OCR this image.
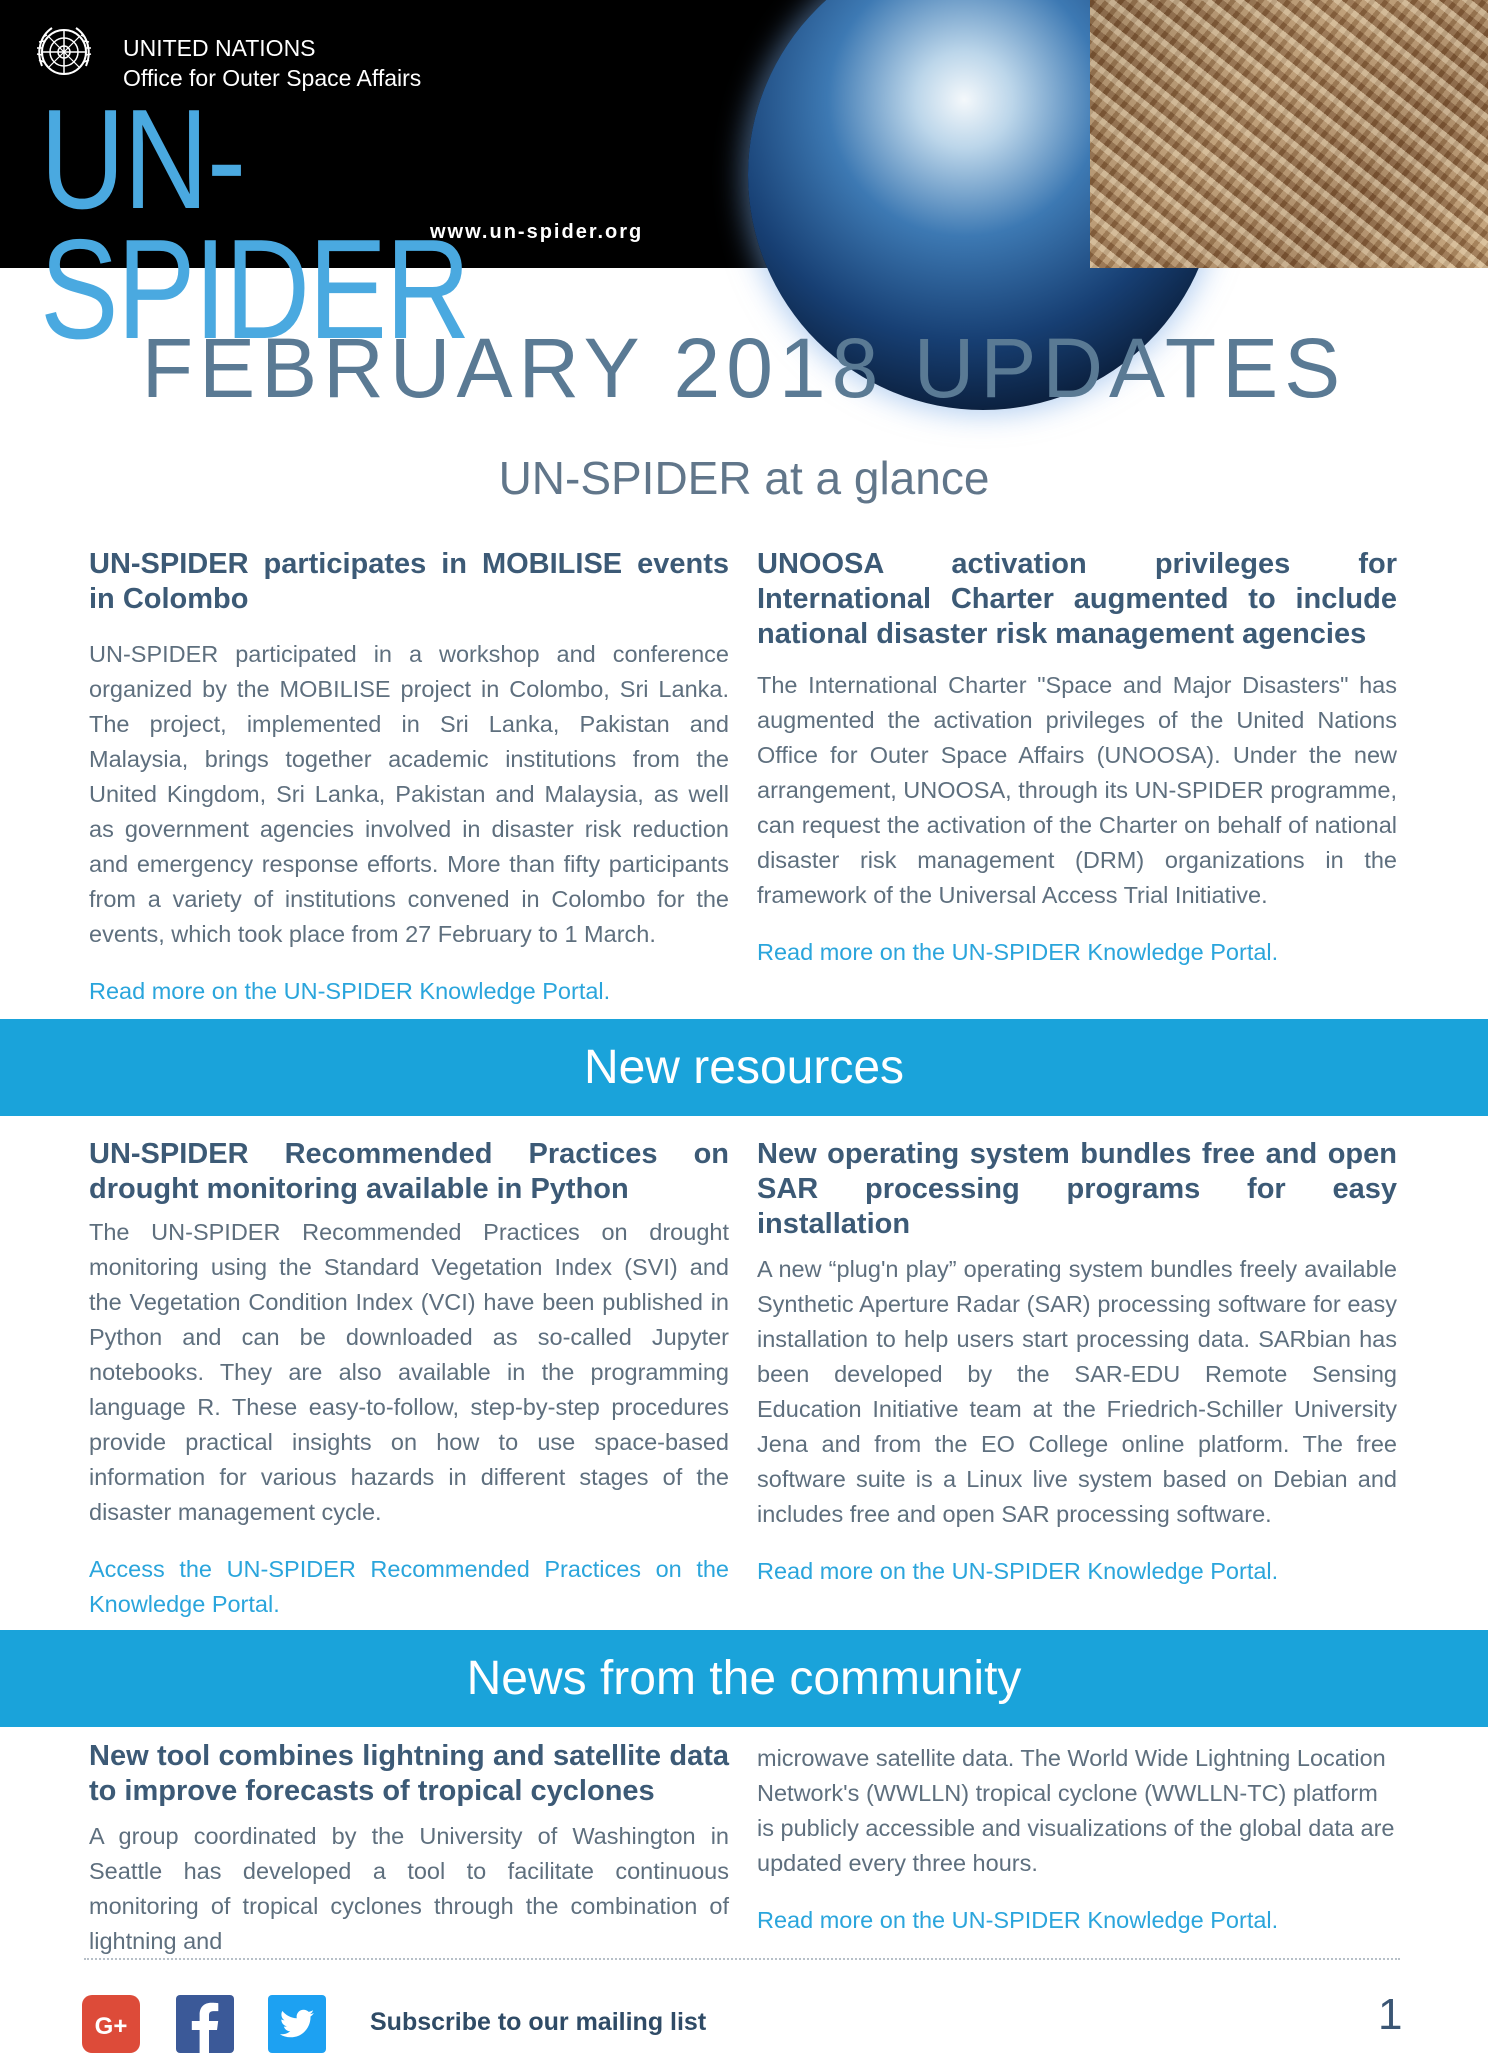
UNITED NATIONS
Office for Outer Space Affairs
UN-SPIDER
www.un-spider.org
FEBRUARY 2018 UPDATES
UN-SPIDER at a glance

UN-SPIDER participates in MOBILISE events in Colombo

UN-SPIDER participated in a workshop and conference organized by the MOBILISE project in Colombo, Sri Lanka. The project, implemented in Sri Lanka, Pakistan and Malaysia, brings together academic institutions from the United Kingdom, Sri Lanka, Pakistan and Malaysia, as well as government agencies involved in disaster risk reduction and emergency response efforts. More than fifty participants from a variety of institutions convened in Colombo for the events, which took place from 27 February to 1 March.

Read more on the UN-SPIDER Knowledge Portal.

UNOOSA activation privileges for International Charter augmented to include national disaster risk management agencies

The International Charter "Space and Major Disasters" has augmented the activation privileges of the United Nations Office for Outer Space Affairs (UNOOSA). Under the new arrangement, UNOOSA, through its UN-SPIDER programme, can request the activation of the Charter on behalf of national disaster risk management (DRM) organizations in the framework of the Universal Access Trial Initiative.

Read more on the UN-SPIDER Knowledge Portal.

New resources

UN-SPIDER Recommended Practices on drought monitoring available in Python

The UN-SPIDER Recommended Practices on drought monitoring using the Standard Vegetation Index (SVI) and the Vegetation Condition Index (VCI) have been published in Python and can be downloaded as so-called Jupyter notebooks. They are also available in the programming language R. These easy-to-follow, step-by-step procedures provide practical insights on how to use space-based information for various hazards in different stages of the disaster management cycle.

Access the UN-SPIDER Recommended Practices on the Knowledge Portal.

New operating system bundles free and open SAR processing programs for easy installation

A new “plug'n play” operating system bundles freely available Synthetic Aperture Radar (SAR) processing software for easy installation to help users start processing data. SARbian has been developed by the SAR-EDU Remote Sensing Education Initiative team at the Friedrich-Schiller University Jena and from the EO College online platform. The free software suite is a Linux live system based on Debian and includes free and open SAR processing software.

Read more on the UN-SPIDER Knowledge Portal.

News from the community

New tool combines lightning and satellite data to improve forecasts of tropical cyclones

A group coordinated by the University of Washington in Seattle has developed a tool to facilitate continuous monitoring of tropical cyclones through the combination of lightning and

microwave satellite data. The World Wide Lightning Location Network's (WWLLN) tropical cyclone (WWLLN-TC) platform is publicly accessible and visualizations of the global data are updated every three hours.

Read more on the UN-SPIDER Knowledge Portal.

G+	Subscribe to our mailing list	1
